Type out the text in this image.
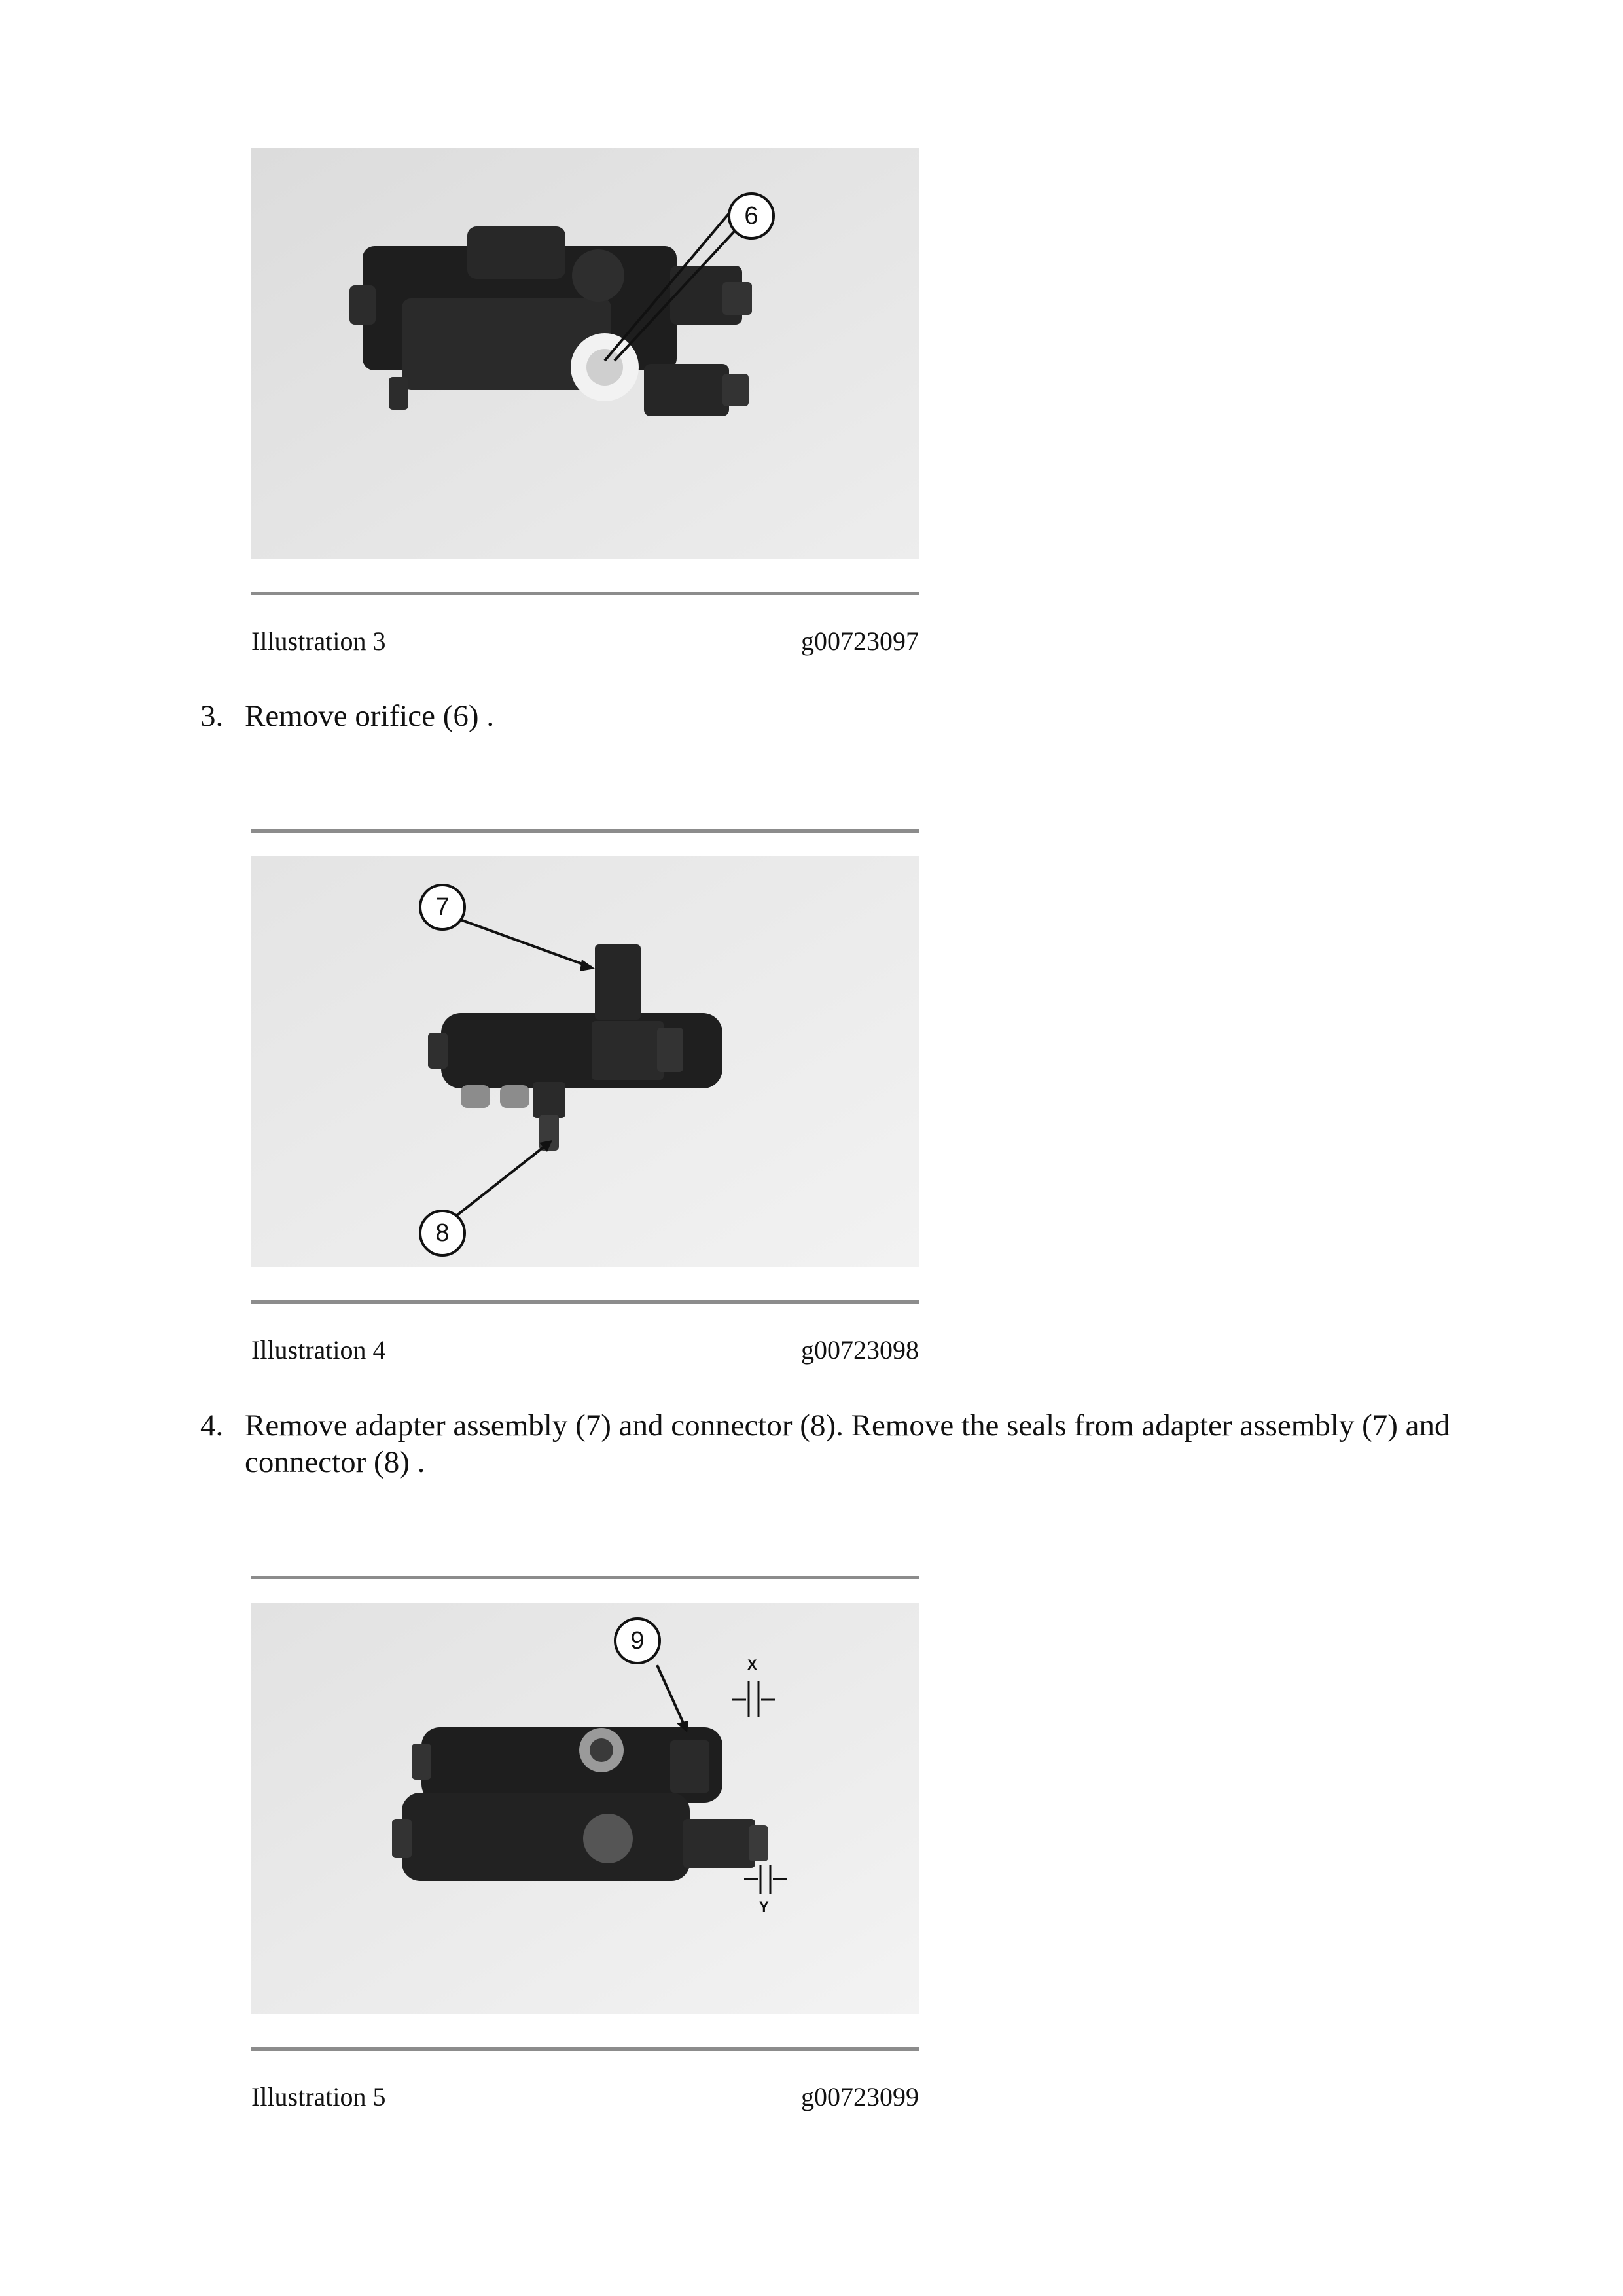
6
Illustration 3	g00723097
3. Remove orifice (6) .
7
8
Illustration 4	g00723098
4. Remove adapter assembly (7) and connector (8). Remove the seals from adapter assembly (7) and connector (8) .
9
X
Y
Illustration 5	g00723099
